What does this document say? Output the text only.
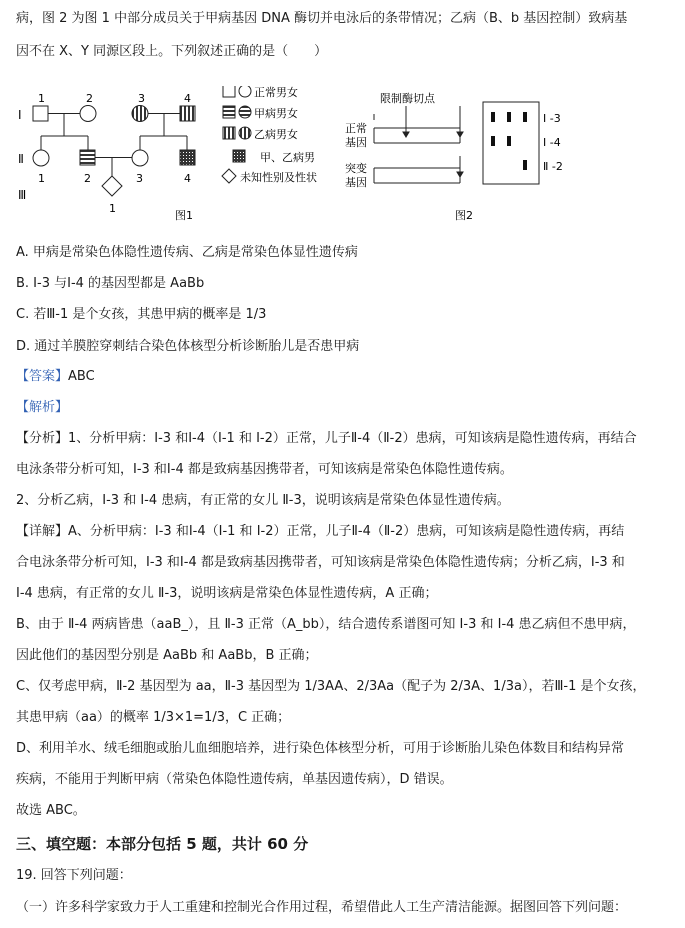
病，图 2 为图 1 中部分成员关于甲病基因 DNA 酶切并电泳后的条带情况；乙病（B、b 基因控制）致病基
因不在 X、Y 同源区段上。下列叙述正确的是（　　）
Ⅰ
Ⅱ
Ⅲ
1	2	3	4
1	2	3	4
1
图1
正常男女
甲病男女
乙病男女
甲、乙病男
未知性别及性状
限制酶切点
正常
基因
突变
基因
I -3
I -4
Ⅱ -2
图2
A. 甲病是常染色体隐性遗传病、乙病是常染色体显性遗传病
B. I-3 与I-4 的基因型都是 AaBb
C. 若Ⅲ-1 是个女孩，其患甲病的概率是 1/3
D. 通过羊膜腔穿刺结合染色体核型分析诊断胎儿是否患甲病
【答案】ABC
【解析】
【分析】1、分析甲病：I-3 和I-4（I-1 和 I-2）正常，儿子Ⅱ-4（Ⅱ-2）患病，可知该病是隐性遗传病，再结合
电泳条带分析可知，I-3 和I-4 都是致病基因携带者，可知该病是常染色体隐性遗传病。
2、分析乙病，I-3 和 I-4 患病，有正常的女儿 Ⅱ-3，说明该病是常染色体显性遗传病。
【详解】A、分析甲病：I-3 和I-4（I-1 和 I-2）正常，儿子Ⅱ-4（Ⅱ-2）患病，可知该病是隐性遗传病，再结
合电泳条带分析可知，I-3 和I-4 都是致病基因携带者，可知该病是常染色体隐性遗传病；分析乙病，I-3 和
I-4 患病，有正常的女儿 Ⅱ-3，说明该病是常染色体显性遗传病，A 正确；
B、由于 Ⅱ-4 两病皆患（aaB_），且 Ⅱ-3 正常（A_bb），结合遗传系谱图可知 I-3 和 I-4 患乙病但不患甲病，
因此他们的基因型分别是 AaBb 和 AaBb，B 正确；
C、仅考虑甲病，Ⅱ-2 基因型为 aa，Ⅱ-3 基因型为 1/3AA、2/3Aa（配子为 2/3A、1/3a），若Ⅲ-1 是个女孩，
其患甲病（aa）的概率 1/3×1=1/3，C 正确；
D、利用羊水、绒毛细胞或胎儿血细胞培养，进行染色体核型分析，可用于诊断胎儿染色体数目和结构异常
疾病，不能用于判断甲病（常染色体隐性遗传病，单基因遗传病），D 错误。
故选 ABC。
三、填空题：本部分包括 5 题，共计 60 分
19. 回答下列问题：
（一）许多科学家致力于人工重建和控制光合作用过程，希望借此人工生产清洁能源。据图回答下列问题：
